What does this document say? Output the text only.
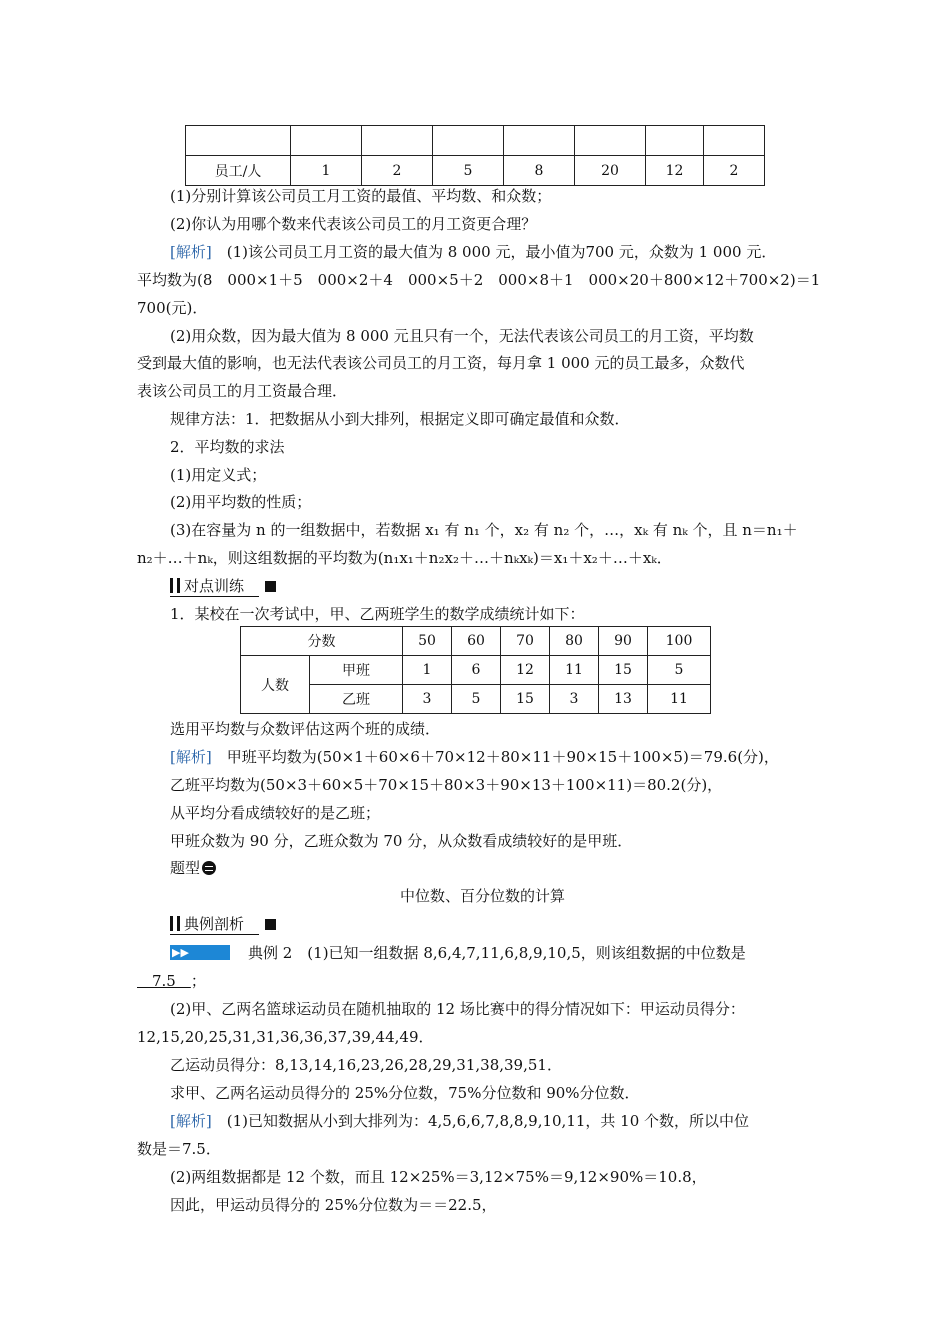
员工/人	1	2	5	8	20	12	2
(1)分别计算该公司员工月工资的最值、平均数、和众数；
(2)你认为用哪个数来代表该公司员工的月工资更合理？
[解析]　(1)该公司员工月工资的最大值为 8 000 元，最小值为700 元，众数为 1 000 元．
平均数为(8　000×1＋5　000×2＋4　000×5＋2　000×8＋1　000×20＋800×12＋700×2)＝1
700(元)．
(2)用众数，因为最大值为 8 000 元且只有一个，无法代表该公司员工的月工资，平均数
受到最大值的影响，也无法代表该公司员工的月工资，每月拿 1 000 元的员工最多，众数代
表该公司员工的月工资最合理．
规律方法：1．把数据从小到大排列，根据定义即可确定最值和众数．
2．平均数的求法
(1)用定义式；
(2)用平均数的性质；
(3)在容量为 n 的一组数据中，若数据 x₁ 有 n₁ 个，x₂ 有 n₂ 个，…，xₖ 有 nₖ 个，且 n＝n₁＋
n₂＋…＋nₖ，则这组数据的平均数为(n₁x₁＋n₂x₂＋…＋nₖxₖ)＝x₁＋x₂＋…＋xₖ．
对点训练 
1．某校在一次考试中，甲、乙两班学生的数学成绩统计如下：
分数		50	60	70	80	90	100
人数	甲班	1	6	12	11	15	5
	乙班	3	5	15	3	13	11
选用平均数与众数评估这两个班的成绩．
[解析]　甲班平均数为(50×1＋60×6＋70×12＋80×11＋90×15＋100×5)＝79.6(分)，
乙班平均数为(50×3＋60×5＋70×15＋80×3＋90×13＋100×11)＝80.2(分)，
从平均分看成绩较好的是乙班；
甲班众数为 90 分，乙班众数为 70 分，从众数看成绩较好的是甲班．
题型
中位数、百分位数的计算
典例剖析 
▶▶	典例 2　(1)已知一组数据 8,6,4,7,11,6,8,9,10,5，则该组数据的中位数是
　7.5　；
(2)甲、乙两名篮球运动员在随机抽取的 12 场比赛中的得分情况如下：甲运动员得分：
12,15,20,25,31,31,36,36,37,39,44,49．
乙运动员得分：8,13,14,16,23,26,28,29,31,38,39,51．
求甲、乙两名运动员得分的 25%分位数，75%分位数和 90%分位数．
[解析]　(1)已知数据从小到大排列为：4,5,6,6,7,8,8,9,10,11，共 10 个数，所以中位
数是＝7.5．
(2)两组数据都是 12 个数，而且 12×25%＝3,12×75%＝9,12×90%＝10.8，
因此，甲运动员得分的 25%分位数为＝＝22.5，
